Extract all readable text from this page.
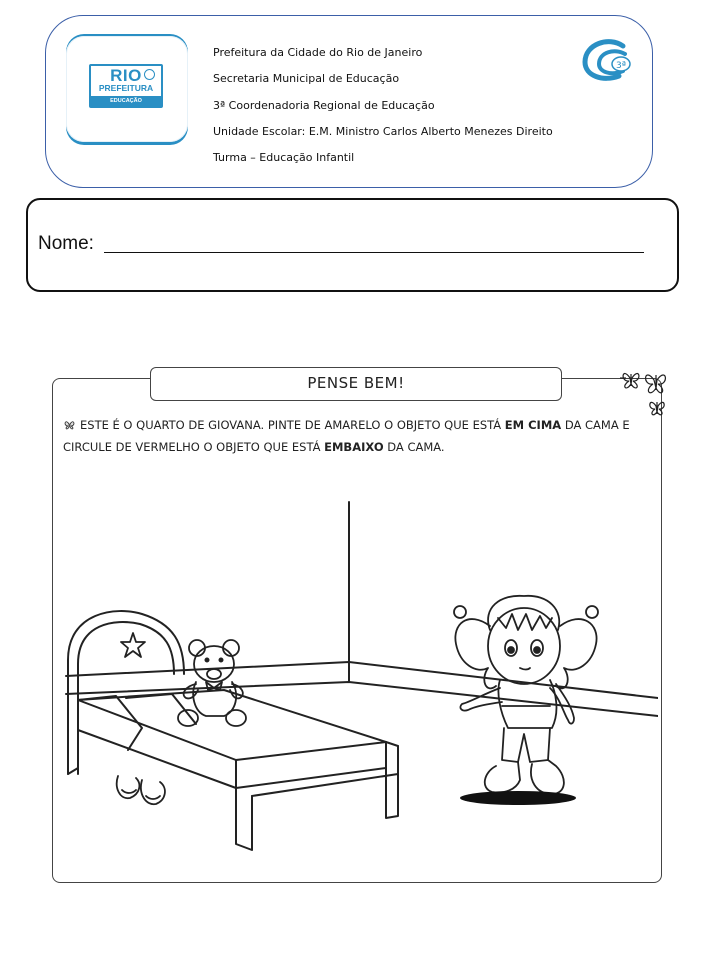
RIO
PREFEITURA
EDUCAÇÃO
Prefeitura da Cidade do Rio de Janeiro
Secretaria Municipal de Educação
3ª Coordenadoria Regional de Educação
Unidade Escolar: E.M. Ministro Carlos Alberto Menezes Direito
Turma – Educação Infantil
3ª
Nome:
PENSE BEM!
ESTE É O QUARTO DE GIOVANA. PINTE DE AMARELO O OBJETO QUE ESTÁ EM CIMA DA CAMA E CIRCULE DE VERMELHO O OBJETO QUE ESTÁ EMBAIXO DA CAMA.
